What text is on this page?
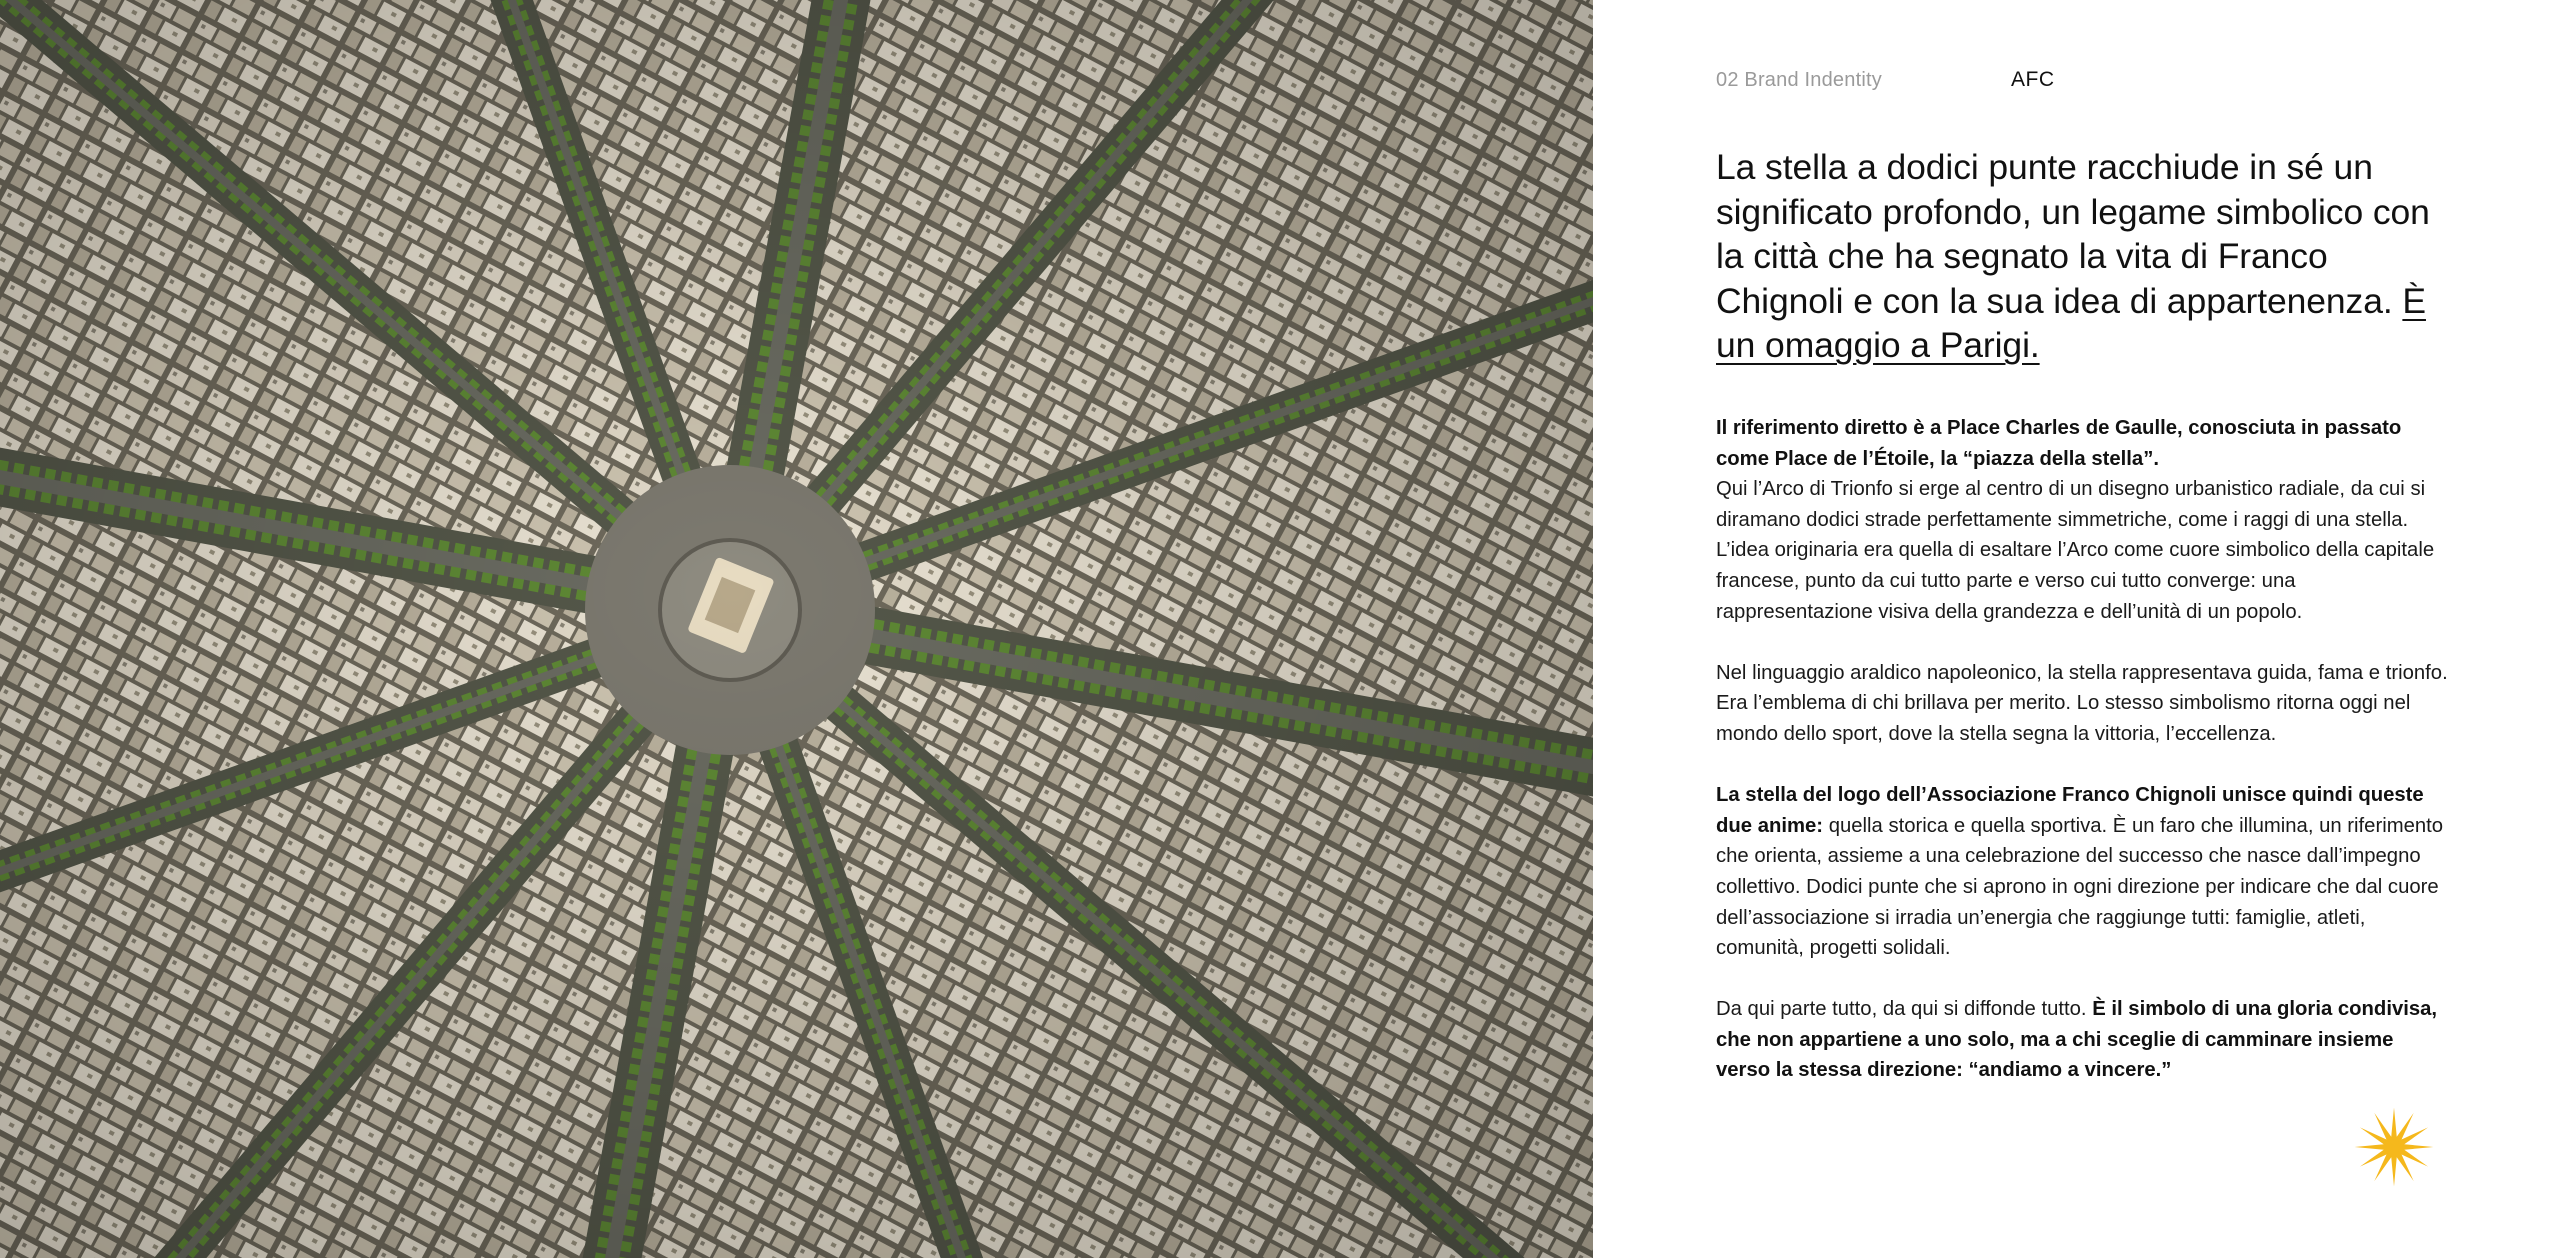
02 Brand Indentity	AFC
La stella a dodici punte racchiude in sé un significato profondo, un legame simbolico con la città che ha segnato la vita di Franco Chignoli e con la sua idea di appartenenza. È un omaggio a Parigi.

Il riferimento diretto è a Place Charles de Gaulle, conosciuta in passato come Place de l’Étoile, la “piazza della stella”.
Qui l’Arco di Trionfo si erge al centro di un disegno urbanistico radiale, da cui si diramano dodici strade perfettamente simmetriche, come i raggi di una stella. L’idea originaria era quella di esaltare l’Arco come cuore simbolico della capitale francese, punto da cui tutto parte e verso cui tutto converge: una rappresentazione visiva della grandezza e dell’unità di un popolo.

Nel linguaggio araldico napoleonico, la stella rappresentava guida, fama e trionfo. Era l’emblema di chi brillava per merito. Lo stesso simbolismo ritorna oggi nel mondo dello sport, dove la stella segna la vittoria, l’eccellenza.

La stella del logo dell’Associazione Franco Chignoli unisce quindi queste due anime: quella storica e quella sportiva. È un faro che illumina, un riferimento che orienta, assieme a una celebrazione del successo che nasce dall’impegno collettivo. Dodici punte che si aprono in ogni direzione per indicare che dal cuore dell’associazione si irradia un’energia che raggiunge tutti: famiglie, atleti, comunità, progetti solidali.

Da qui parte tutto, da qui si diffonde tutto. È il simbolo di una gloria condivisa, che non appartiene a uno solo, ma a chi sceglie di camminare insieme verso la stessa direzione: “andiamo a vincere.”
